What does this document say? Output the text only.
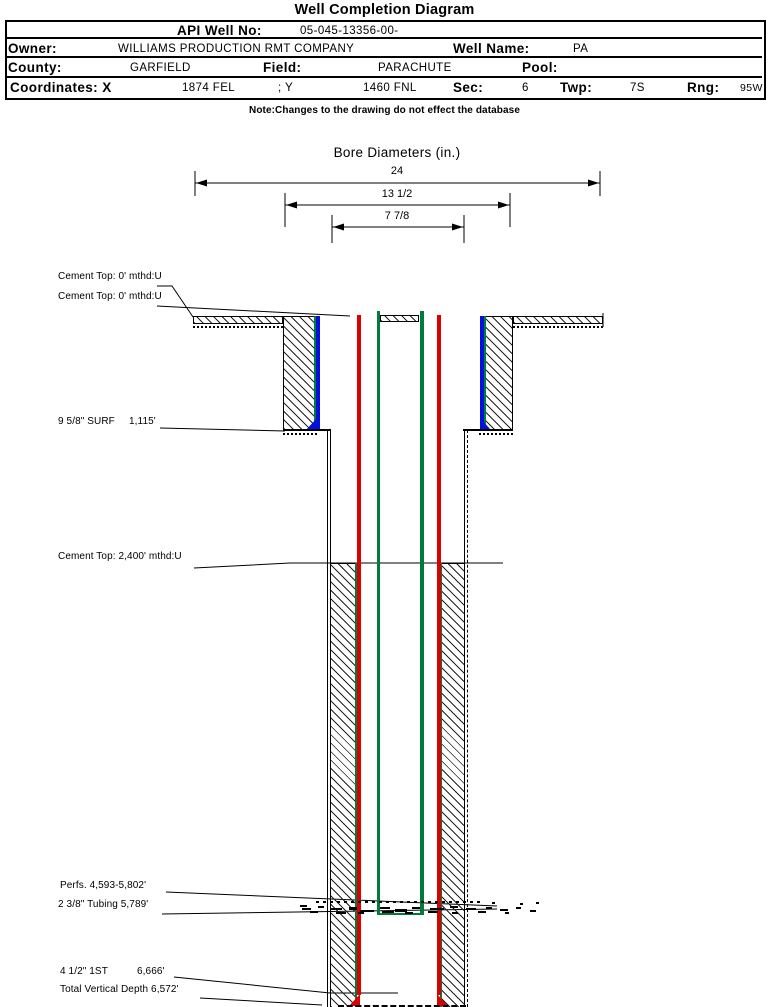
Well Completion Diagram
API Well No:	05-045-13356-00-
Owner:	WILLIAMS PRODUCTION RMT COMPANY	Well Name:	PA
County:	GARFIELD	Field:	PARACHUTE	Pool:
Coordinates: X	1874 FEL	; Y	1460 FNL	Sec:	6 Twp:	7S	Rng: 95W
Note:Changes to the drawing do not effect the database
Bore Diameters (in.)
24
13 1/2
7 7/8
Cement Top: 0' mthd:U
Cement Top: 0' mthd:U
9 5/8" SURF 1,115'
Cement Top: 2,400' mthd:U
Perfs. 4,593-5,802'
2 3/8" Tubing 5,789'
4 1/2" 1ST	6,666'
Total Vertical Depth 6,572'
